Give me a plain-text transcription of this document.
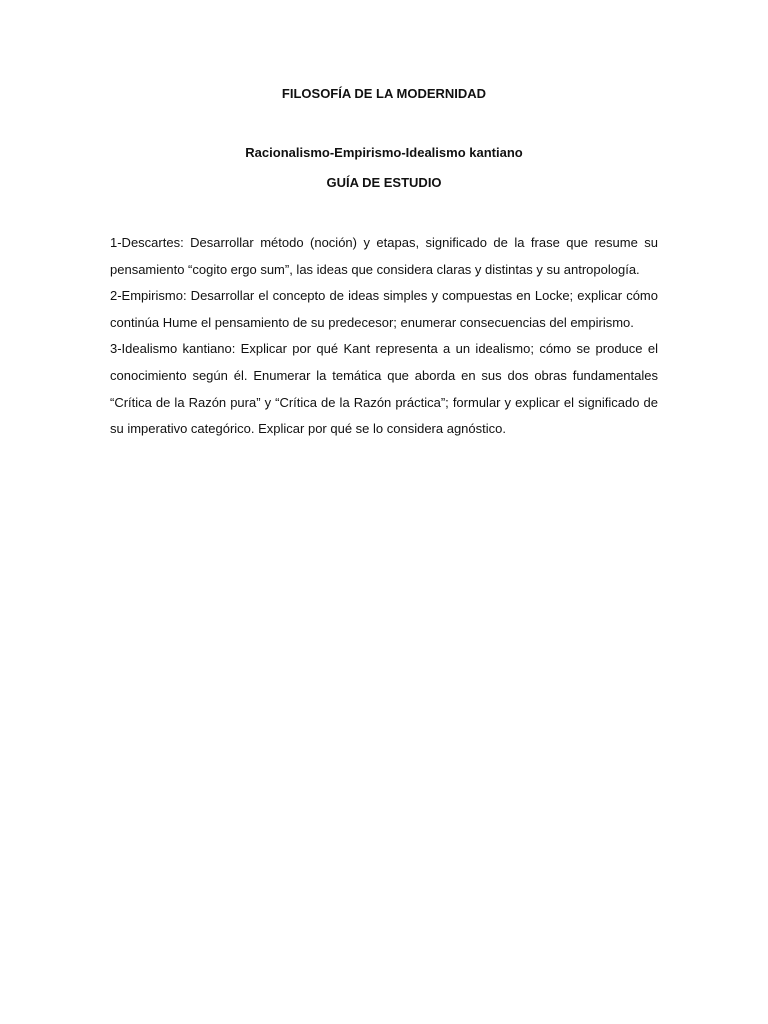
FILOSOFÍA DE LA MODERNIDAD
Racionalismo-Empirismo-Idealismo kantiano
GUÍA DE ESTUDIO

1-Descartes: Desarrollar método (noción) y etapas, significado de la frase que resume su pensamiento “cogito ergo sum”, las ideas que considera claras y distintas y su antropología.

2-Empirismo: Desarrollar el concepto de ideas simples y compuestas en Locke; explicar cómo continúa Hume el pensamiento de su predecesor; enumerar consecuencias del empirismo.

3-Idealismo kantiano: Explicar por qué Kant representa a un idealismo; cómo se produce el conocimiento según él. Enumerar la temática que aborda en sus dos obras fundamentales “Crítica de la Razón pura” y “Crítica de la Razón práctica”; formular y explicar el significado de su imperativo categórico. Explicar por qué se lo considera agnóstico.
